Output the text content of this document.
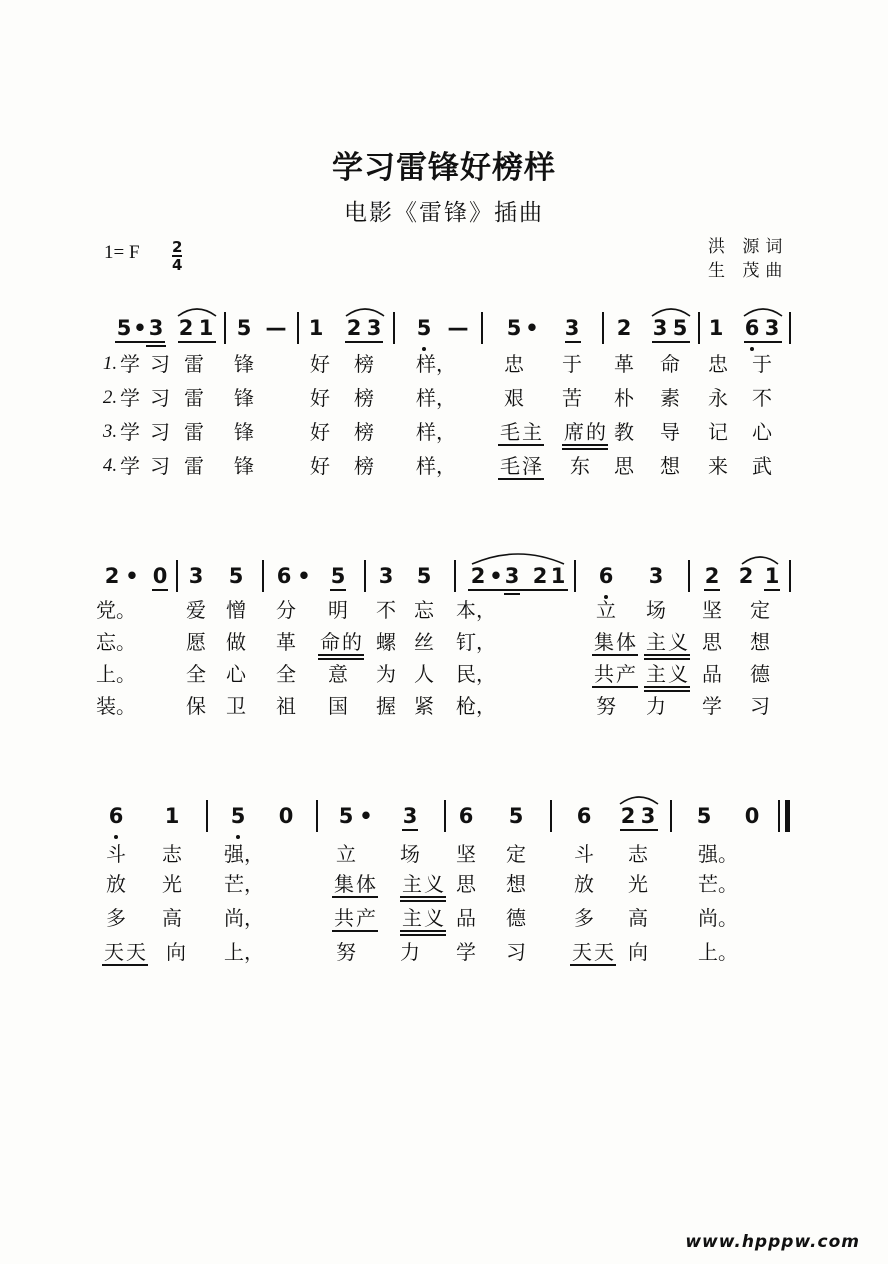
学习雷锋好榜样
电影《雷锋》插曲
1= F 2
4
洪 源词
生 茂曲
5 • 3 2 1 5 — 1 2 3 5 — 5 • 3 2 3 5 1 6 3
1. 学 习 雷 锋	好 榜 样， 忠 于 革 命 忠 于
2. 学 习 雷 锋	好 榜 样， 艰 苦 朴 素 永 不
3. 学 习 雷 锋	好 榜 样， 毛 主 席 的 教 导 记 心
4. 学 习 雷 锋	好 榜 样， 毛 泽 东 思 想 来 武
2 • 0 3 5 6 • 5 3 5 2 • 3 2 1 6 3 2 2 1
党。	爱 憎 分 明 不 忘 本，	立 场 坚 定
忘。	愿 做 革 命 的 螺 丝 钉，	集 体 主 义 思 想
上。	全 心 全 意 为 人 民，	共 产 主 义 品 德
装。	保 卫 祖 国 握 紧 枪，	努 力 学 习
6 1 5 0 5 • 3 6 5	6 2 3 5 0
斗 志 强，	立 场 坚 定 斗 志	强。
放 光 芒，	集 体 主 义 思 想 放 光	芒。
多 高 尚，	共 产 主 义 品 德 多 高	尚。
天 天 向 上，	努 力 学 习 天 天 向	上。
www.hpppw.com
